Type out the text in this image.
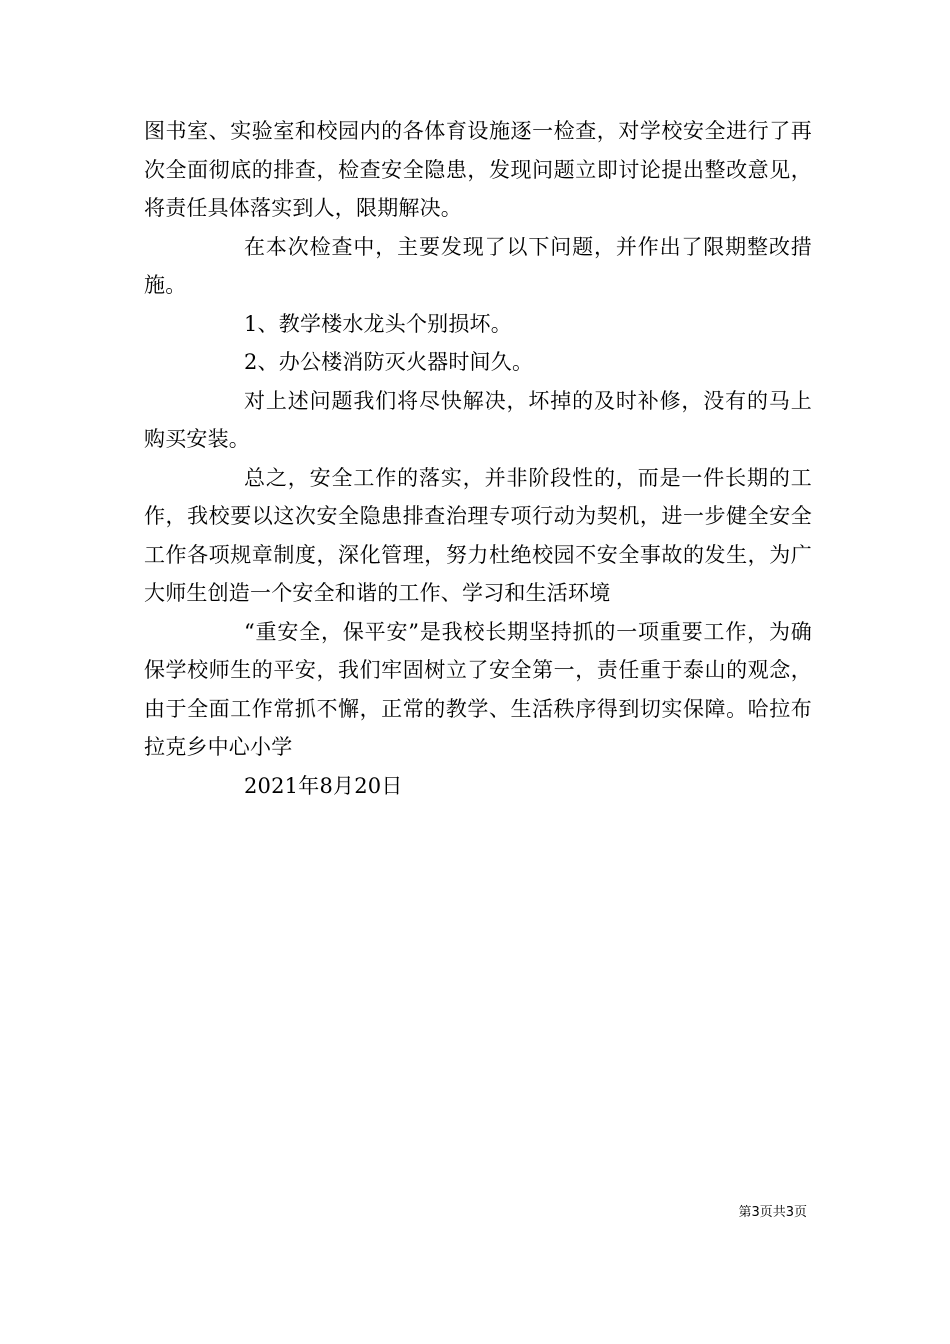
图书室、实验室和校园内的各体育设施逐一检查，对学校安全进行了再次全面彻底的排查，检查安全隐患，发现问题立即讨论提出整改意见，将责任具体落实到人，限期解决。

在本次检查中，主要发现了以下问题，并作出了限期整改措施。

1、教学楼水龙头个别损坏。

2、办公楼消防灭火器时间久。

对上述问题我们将尽快解决，坏掉的及时补修，没有的马上购买安装。

总之，安全工作的落实，并非阶段性的，而是一件长期的工作，我校要以这次安全隐患排查治理专项行动为契机，进一步健全安全工作各项规章制度，深化管理，努力杜绝校园不安全事故的发生，为广大师生创造一个安全和谐的工作、学习和生活环境

“重安全，保平安”是我校长期坚持抓的一项重要工作，为确保学校师生的平安，我们牢固树立了安全第一，责任重于泰山的观念，由于全面工作常抓不懈，正常的教学、生活秩序得到切实保障。哈拉布拉克乡中心小学

2021年8月20日

第3页共3页
